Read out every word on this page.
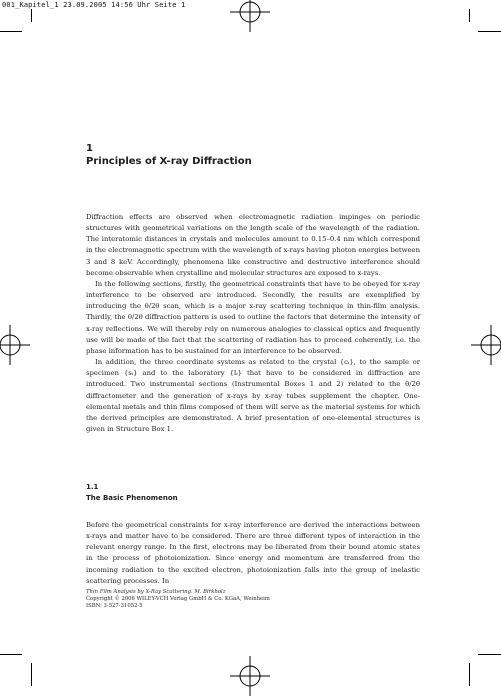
001_Kapitel_1 23.09.2005 14:56 Uhr Seite 1
1
Principles of X-ray Diffraction

Diffraction effects are observed when electromagnetic radiation impinges on periodic structures with geometrical variations on the length scale of the wavelength of the radiation. The interatomic distances in crystals and molecules amount to 0.15–0.4 nm which correspond in the electromagnetic spectrum with the wavelength of x-rays having photon energies between 3 and 8 keV. Accordingly, phenomena like constructive and destructive interference should become observable when crystalline and molecular structures are exposed to x-rays.

In the following sections, firstly, the geometrical constraints that have to be obeyed for x-ray interference to be observed are introduced. Secondly, the results are exemplified by introducing the θ/2θ scan, which is a major x-ray scattering technique in thin-film analysis. Thirdly, the θ/2θ diffraction pattern is used to outline the factors that determine the intensity of x-ray reflections. We will thereby rely on numerous analogies to classical optics and frequently use will be made of the fact that the scattering of radiation has to proceed coherently, i.e. the phase information has to be sustained for an interference to be observed.

In addition, the three coordinate systems as related to the crystal {cᵢ}, to the sample or specimen {sᵢ} and to the laboratory {lᵢ} that have to be considered in diffraction are introduced. Two instrumental sections (Instrumental Boxes 1 and 2) related to the θ/2θ diffractometer and the generation of x-rays by x-ray tubes supplement the chapter. One-elemental metals and thin films composed of them will serve as the material systems for which the derived principles are demonstrated. A brief presentation of one-elemental structures is given in Structure Box 1.

1.1
The Basic Phenomenon

Before the geometrical constraints for x-ray interference are derived the interactions between x-rays and matter have to be considered. There are three different types of interaction in the relevant energy range. In the first, electrons may be liberated from their bound atomic states in the process of photoionization. Since energy and momentum are transferred from the incoming radiation to the excited electron, photoionization falls into the group of inelastic scattering processes. In

Thin Film Analysis by X-Ray Scattering. M. Birkholz
Copyright © 2006 WILEY-VCH Verlag GmbH & Co. KGaA, Weinheim
ISBN: 3-527-31052-5
